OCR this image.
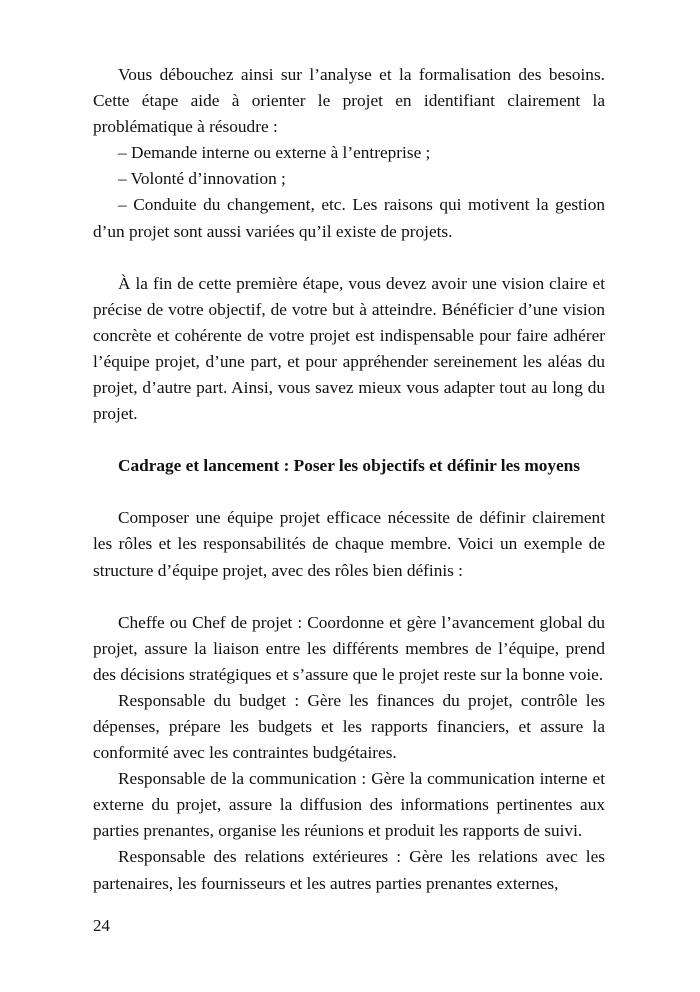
Vous débouchez ainsi sur l’analyse et la formalisation des besoins. Cette étape aide à orienter le projet en identifiant clairement la problématique à résoudre :

– Demande interne ou externe à l’entreprise ;

– Volonté d’innovation ;

– Conduite du changement, etc. Les raisons qui motivent la gestion d’un projet sont aussi variées qu’il existe de projets.

À la fin de cette première étape, vous devez avoir une vision claire et précise de votre objectif, de votre but à atteindre. Bénéficier d’une vision concrète et cohérente de votre projet est indispensable pour faire adhérer l’équipe projet, d’une part, et pour appréhender sereinement les aléas du projet, d’autre part. Ainsi, vous savez mieux vous adapter tout au long du projet.

Cadrage et lancement : Poser les objectifs et définir les moyens

Composer une équipe projet efficace nécessite de définir clairement les rôles et les responsabilités de chaque membre. Voici un exemple de structure d’équipe projet, avec des rôles bien définis :

Cheffe ou Chef de projet : Coordonne et gère l’avancement global du projet, assure la liaison entre les différents membres de l’équipe, prend des décisions stratégiques et s’assure que le projet reste sur la bonne voie.

Responsable du budget : Gère les finances du projet, contrôle les dépenses, prépare les budgets et les rapports financiers, et assure la conformité avec les contraintes budgétaires.

Responsable de la communication : Gère la communication interne et externe du projet, assure la diffusion des informations pertinentes aux parties prenantes, organise les réunions et produit les rapports de suivi.

Responsable des relations extérieures : Gère les relations avec les partenaires, les fournisseurs et les autres parties prenantes externes,

24
